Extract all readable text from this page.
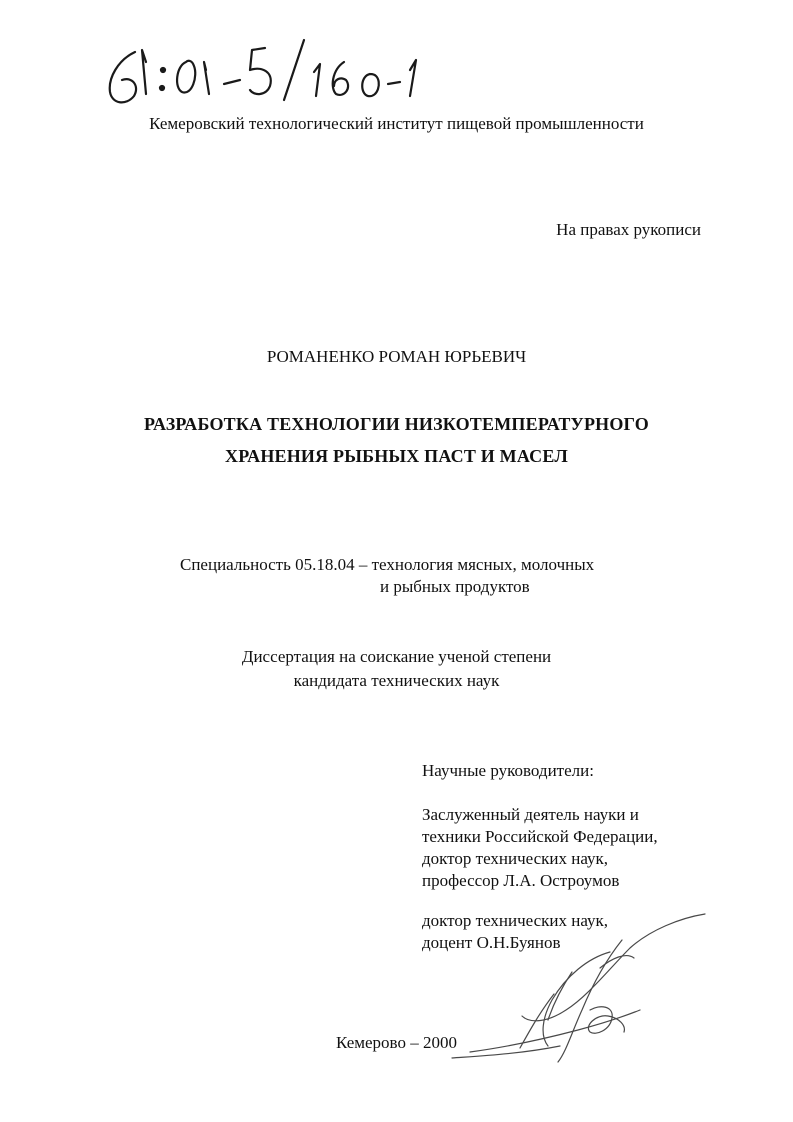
Кемеровский технологический институт пищевой промышленности
На правах рукописи
РОМАНЕНКО РОМАН ЮРЬЕВИЧ
РАЗРАБОТКА ТЕХНОЛОГИИ НИЗКОТЕМПЕРАТУРНОГО
ХРАНЕНИЯ РЫБНЫХ ПАСТ И МАСЕЛ
Специальность 05.18.04 – технология мясных, молочных
и рыбных продуктов
Диссертация на соискание ученой степени
кандидата технических наук
Научные руководители:
Заслуженный деятель науки и
техники Российской Федерации,
доктор технических наук,
профессор Л.А. Остроумов
доктор технических наук,
доцент О.Н.Буянов
Кемерово – 2000
